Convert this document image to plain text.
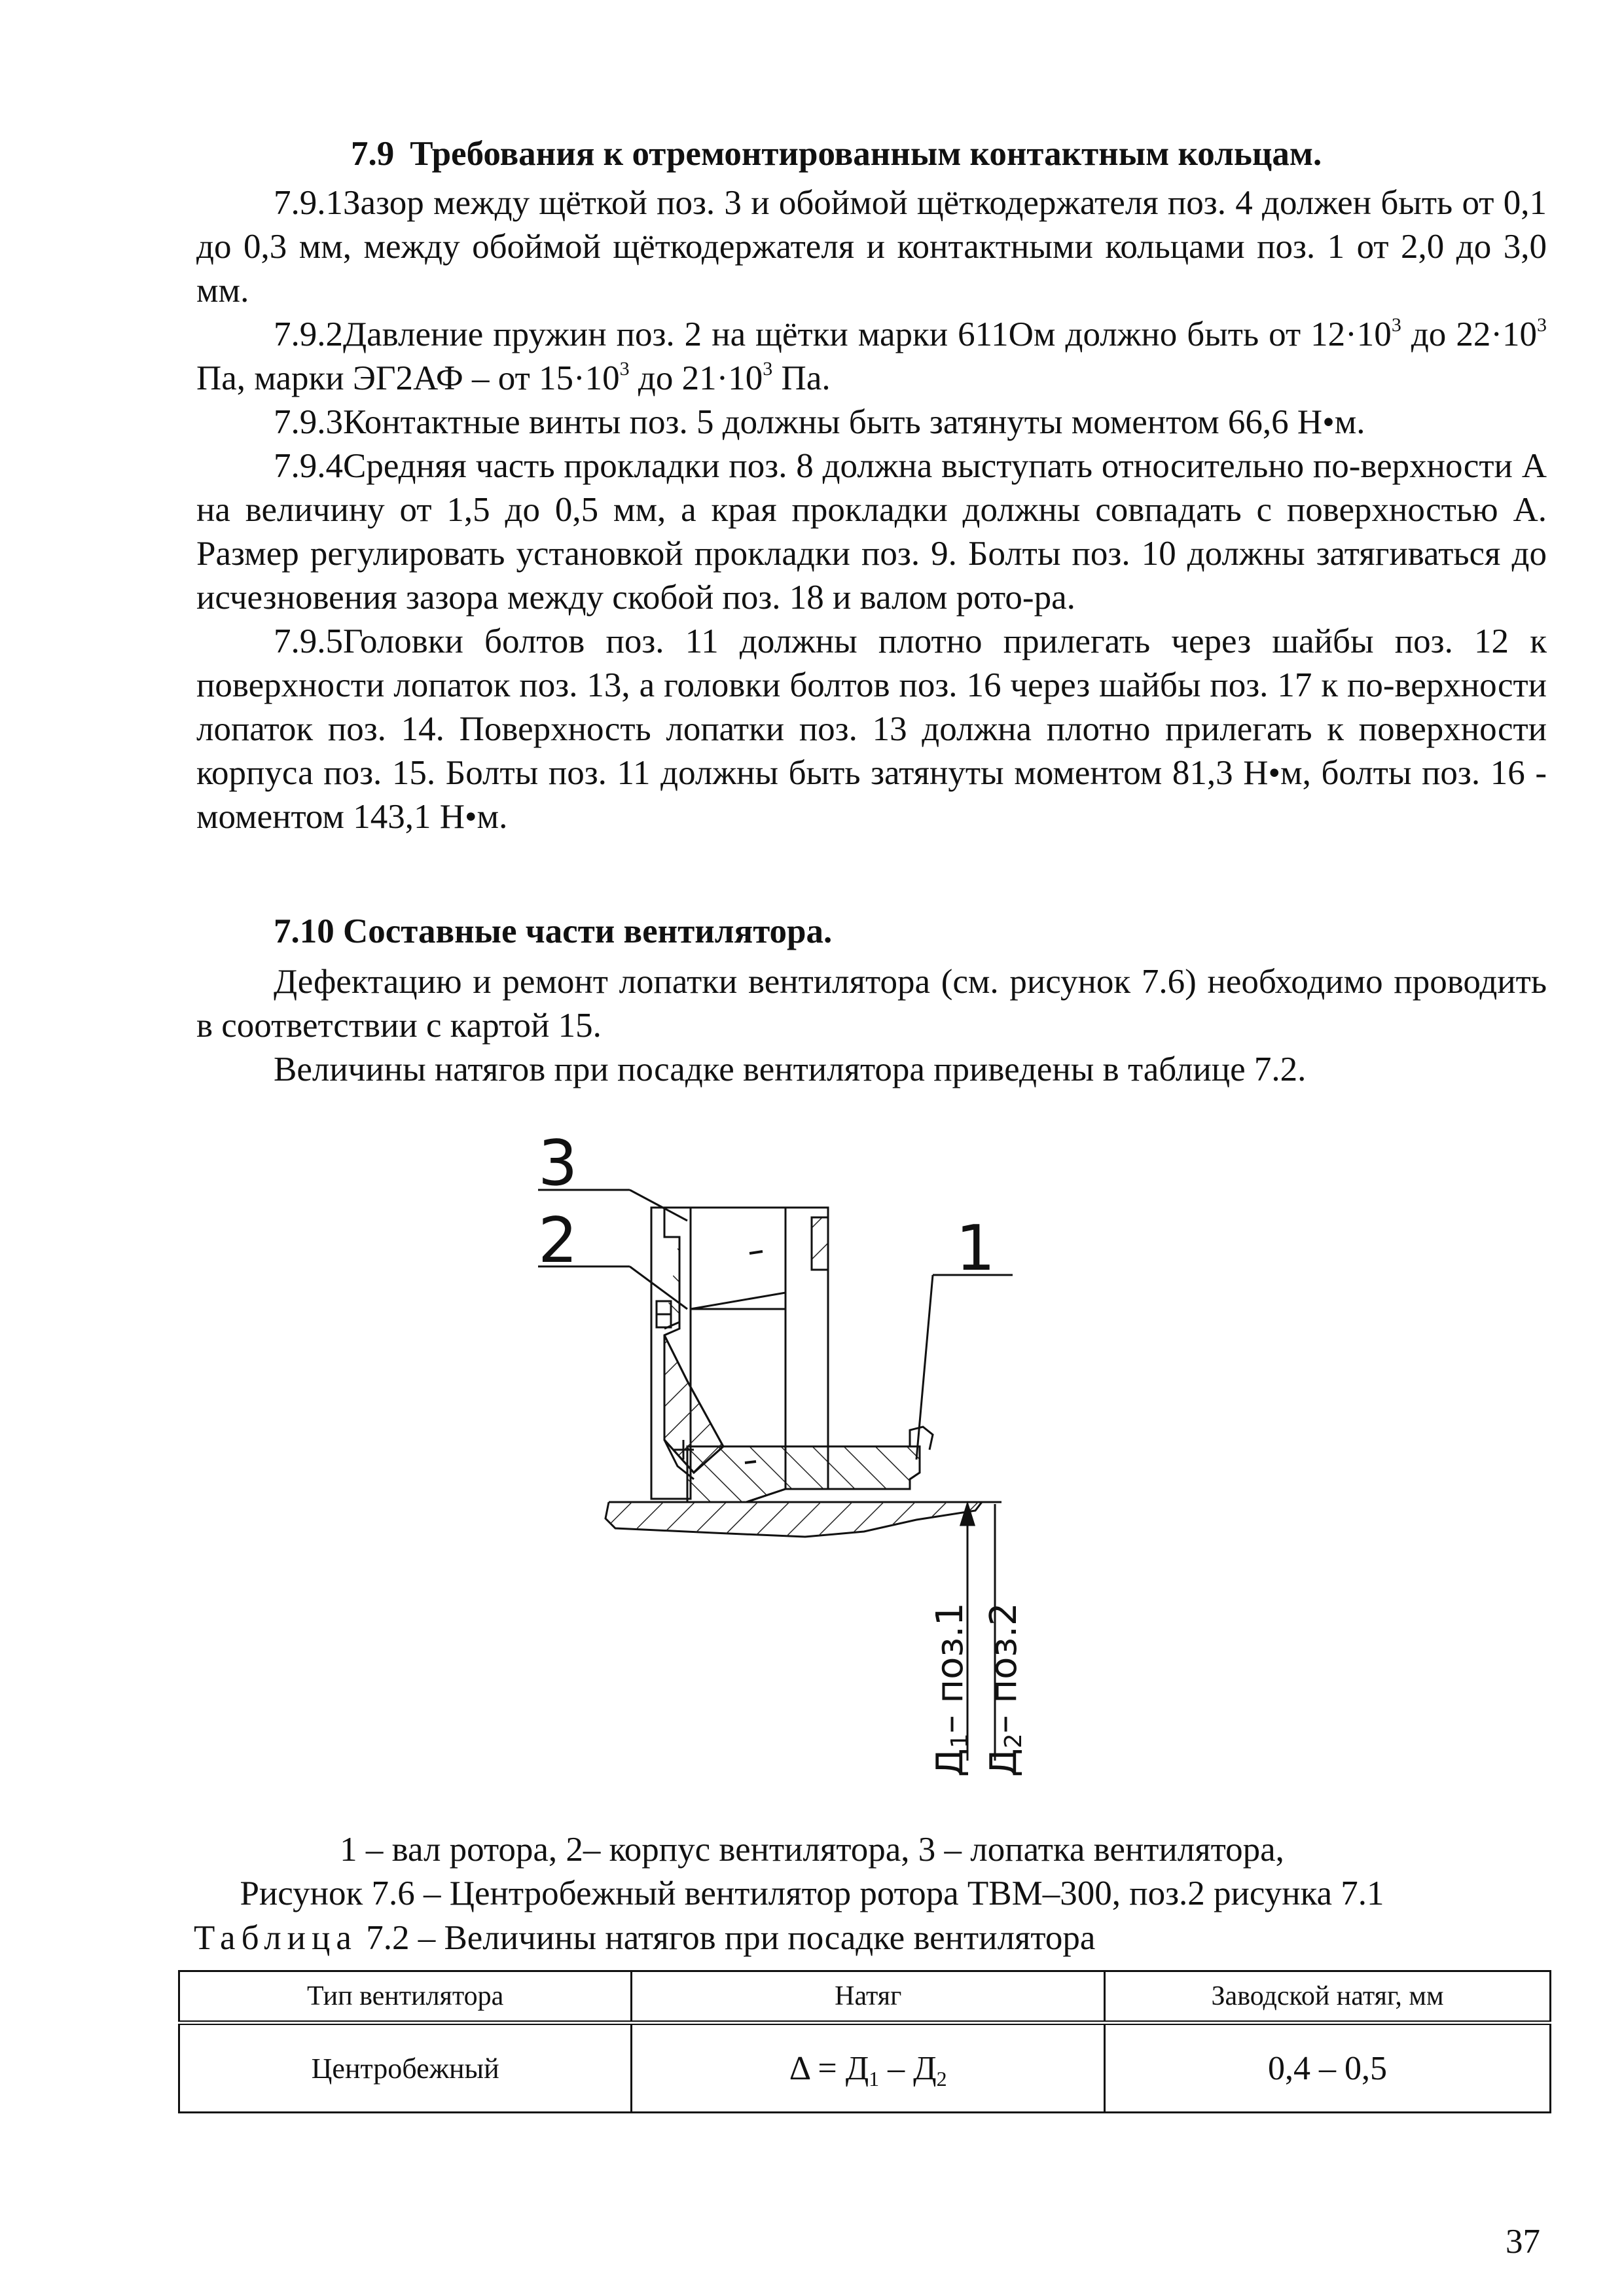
7.9 Требования к отремонтированным контактным кольцам.

7.9.1Зазор между щёткой поз. 3 и обоймой щёткодержателя поз. 4 должен быть от 0,1 до 0,3 мм, между обоймой щёткодержателя и контактными кольцами поз. 1 от 2,0 до 3,0 мм.

7.9.2Давление пружин поз. 2 на щётки марки 611Ом должно быть от $12\cdot 10^3$ до $22\cdot 10^3$ Па, марки ЭГ2АФ – от $15\cdot 10^3$ до $21\cdot 10^3$ Па.

7.9.3Контактные винты поз. 5 должны быть затянуты моментом 66,6 Н•м.

7.9.4Средняя часть прокладки поз. 8 должна выступать относительно по-верхности А на величину от 1,5 до 0,5 мм, а края прокладки должны совпадать с поверхностью А. Размер регулировать установкой прокладки поз. 9. Болты поз. 10 должны затягиваться до исчезновения зазора между скобой поз. 18 и валом рото-ра.

7.9.5Головки болтов поз. 11 должны плотно прилегать через шайбы поз. 12 к поверхности лопаток поз. 13, а головки болтов поз. 16 через шайбы поз. 17 к по-верхности лопаток поз. 14. Поверхность лопатки поз. 13 должна плотно прилегать к поверхности корпуса поз. 15. Болты поз. 11 должны быть затянуты моментом 81,3 Н•м, болты поз. 16 - моментом 143,1 Н•м.

7.10 Составные части вентилятора.

Дефектацию и ремонт лопатки вентилятора (см. рисунок 7.6) необходимо проводить в соответствии с картой 15.

Величины натягов при посадке вентилятора приведены в таблице 7.2.

3
2	1
Д1– поз.1
Д2– поз.2
1 – вал ротора, 2– корпус вентилятора, 3 – лопатка вентилятора,
Рисунок 7.6 – Центробежный вентилятор ротора ТВМ–300, поз.2 рисунка 7.1
Таблица 7.2 – Величины натягов при посадке вентилятора
Тип вентилятора	Натяг	Заводской натяг, мм
Центробежный	$\Delta = Д_1 - Д_2$	0,4 – 0,5
37
